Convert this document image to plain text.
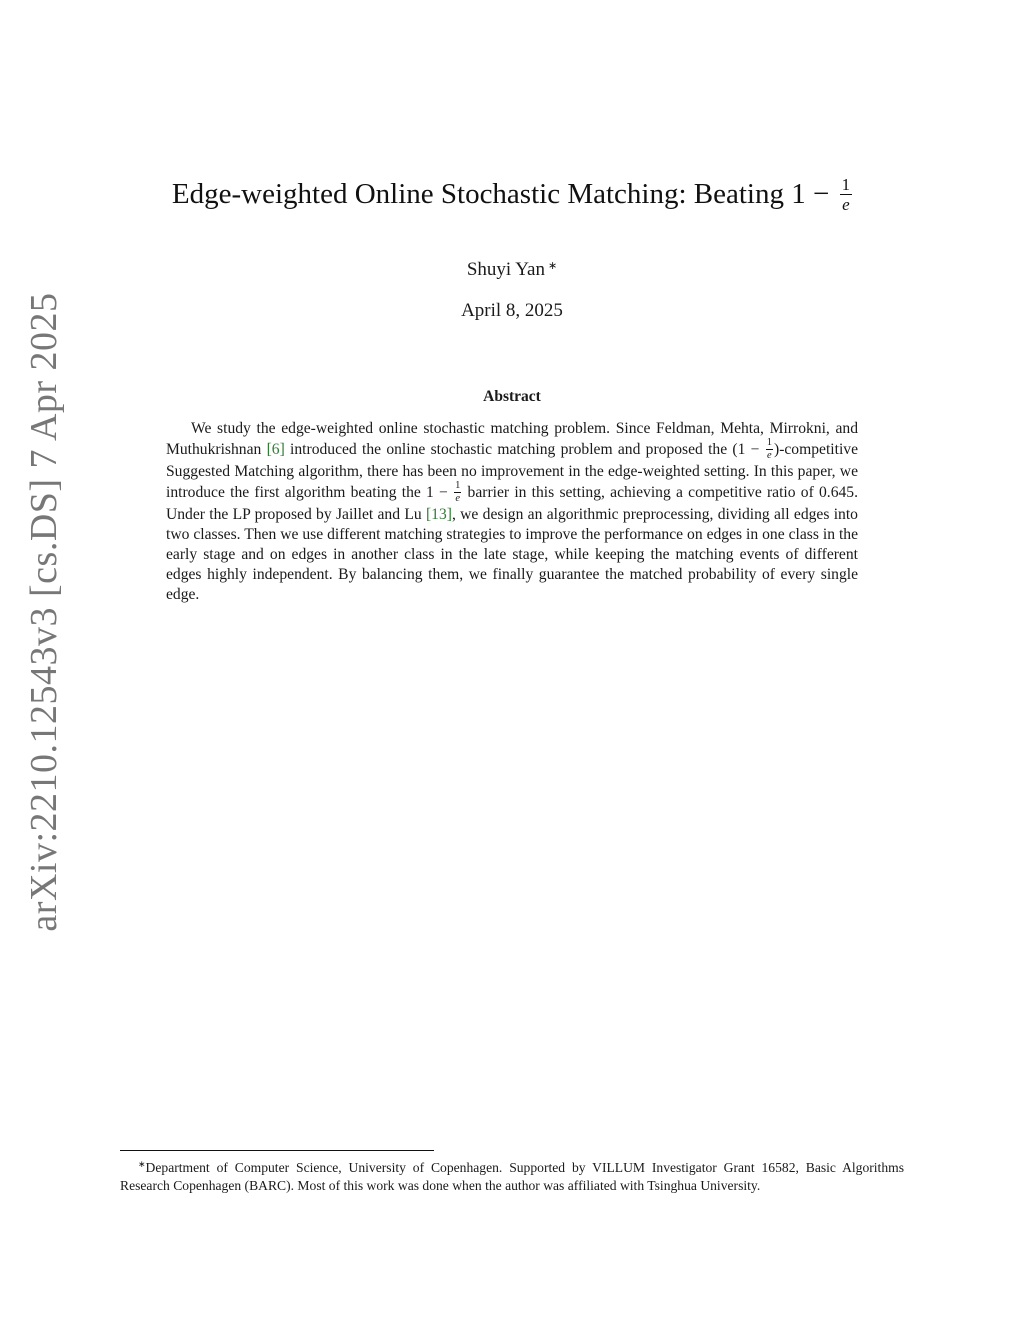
arXiv:2210.12543v3 [cs.DS] 7 Apr 2025
Edge-weighted Online Stochastic Matching: Beating $1 - \frac{1}{e}$
Shuyi Yan ∗
April 8, 2025
Abstract
We study the edge-weighted online stochastic matching problem. Since Feldman, Mehta, Mirrokni, and Muthukrishnan [6] introduced the online stochastic matching problem and proposed the ($1 - \frac{1}{e}$ )-competitive Suggested Matching algorithm, there has been no improvement in the edge-weighted setting. In this paper, we introduce the first algorithm beating the $1 - \frac{1}{e}$ barrier in this setting, achieving a competitive ratio of 0.645. Under the LP proposed by Jaillet and Lu [13], we design an algorithmic preprocessing, dividing all edges into two classes. Then we use different matching strategies to improve the performance on edges in one class in the early stage and on edges in another class in the late stage, while keeping the matching events of different edges highly independent. By balancing them, we finally guarantee the matched probability of every single edge.
∗Department of Computer Science, University of Copenhagen. Supported by VILLUM Investigator Grant 16582, Basic Algorithms Research Copenhagen (BARC). Most of this work was done when the author was affiliated with Tsinghua University.
